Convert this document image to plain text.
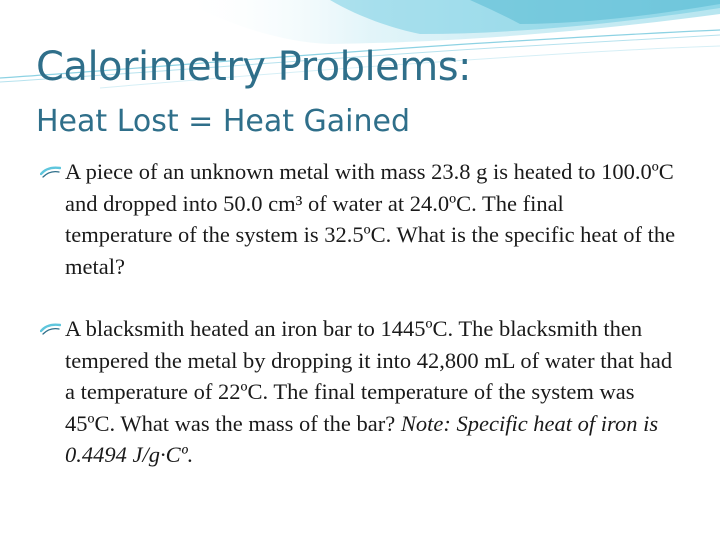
Calorimetry Problems:
Heat Lost = Heat Gained
A piece of an unknown metal with mass 23.8 g is heated to 100.0ºC and dropped into 50.0 cm³ of water at 24.0ºC. The final temperature of the system is 32.5ºC. What is the specific heat of the metal?
A blacksmith heated an iron bar to 1445ºC. The blacksmith then tempered the metal by dropping it into 42,800 mL of water that had a temperature of 22ºC. The final temperature of the system was 45ºC. What was the mass of the bar? Note: Specific heat of iron is 0.4494 J/g·Cº.
